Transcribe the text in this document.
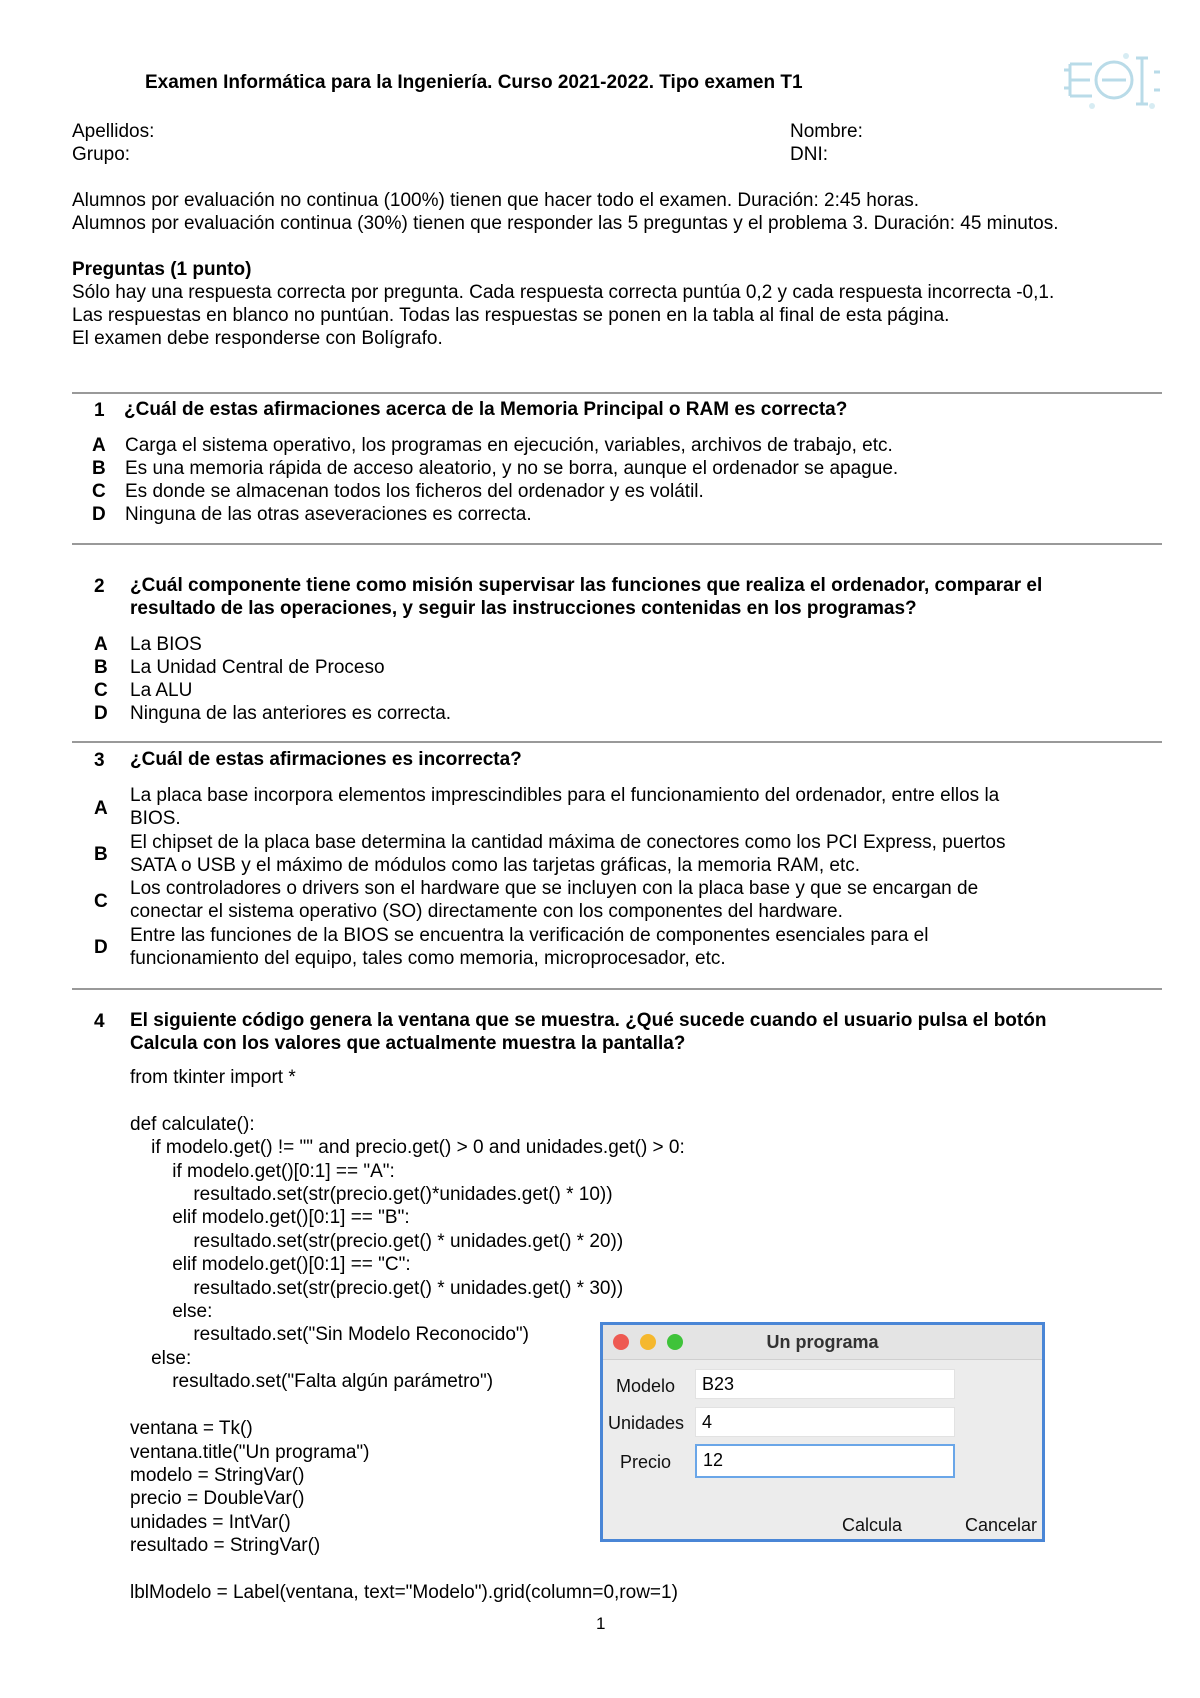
Examen Informática para la Ingeniería. Curso 2021-2022. Tipo examen T1
Apellidos:	Nombre:
Grupo:	DNI:
Alumnos por evaluación no continua (100%) tienen que hacer todo el examen. Duración: 2:45 horas.
Alumnos por evaluación continua (30%) tienen que responder las 5 preguntas y el problema 3. Duración: 45 minutos.
Preguntas (1 punto)
Sólo hay una respuesta correcta por pregunta. Cada respuesta correcta puntúa 0,2 y cada respuesta incorrecta -0,1.
Las respuestas en blanco no puntúan. Todas las respuestas se ponen en la tabla al final de esta página.
El examen debe responderse con Bolígrafo.
1 ¿Cuál de estas afirmaciones acerca de la Memoria Principal o RAM es correcta?
A Carga el sistema operativo, los programas en ejecución, variables, archivos de trabajo, etc.
B Es una memoria rápida de acceso aleatorio, y no se borra, aunque el ordenador se apague.
C Es donde se almacenan todos los ficheros del ordenador y es volátil.
D Ninguna de las otras aseveraciones es correcta.
2 ¿Cuál componente tiene como misión supervisar las funciones que realiza el ordenador, comparar el
resultado de las operaciones, y seguir las instrucciones contenidas en los programas?
A La BIOS
B La Unidad Central de Proceso
C La ALU
D Ninguna de las anteriores es correcta.
3 ¿Cuál de estas afirmaciones es incorrecta?
A
La placa base incorpora elementos imprescindibles para el funcionamiento del ordenador, entre ellos la
BIOS.
B
El chipset de la placa base determina la cantidad máxima de conectores como los PCI Express, puertos
SATA o USB y el máximo de módulos como las tarjetas gráficas, la memoria RAM, etc.
C
Los controladores o drivers son el hardware que se incluyen con la placa base y que se encargan de
conectar el sistema operativo (SO) directamente con los componentes del hardware.
D
Entre las funciones de la BIOS se encuentra la verificación de componentes esenciales para el
funcionamiento del equipo, tales como memoria, microprocesador, etc.
4 El siguiente código genera la ventana que se muestra. ¿Qué sucede cuando el usuario pulsa el botón
Calcula con los valores que actualmente muestra la pantalla?
from tkinter import *

def calculate():
if modelo.get() != "" and precio.get() > 0 and unidades.get() > 0:
if modelo.get()[0:1] == "A":
resultado.set(str(precio.get()*unidades.get() * 10))
elif modelo.get()[0:1] == "B":
resultado.set(str(precio.get() * unidades.get() * 20))
elif modelo.get()[0:1] == "C":
resultado.set(str(precio.get() * unidades.get() * 30))
else:
resultado.set("Sin Modelo Reconocido")
else:
resultado.set("Falta algún parámetro")

ventana = Tk()
ventana.title("Un programa")
modelo = StringVar()
precio = DoubleVar()
unidades = IntVar()
resultado = StringVar()

lblModelo = Label(ventana, text="Modelo").grid(column=0,row=1)
Un programa
Modelo	B23
Unidades 4
Precio	12
Calcula	Cancelar
1
